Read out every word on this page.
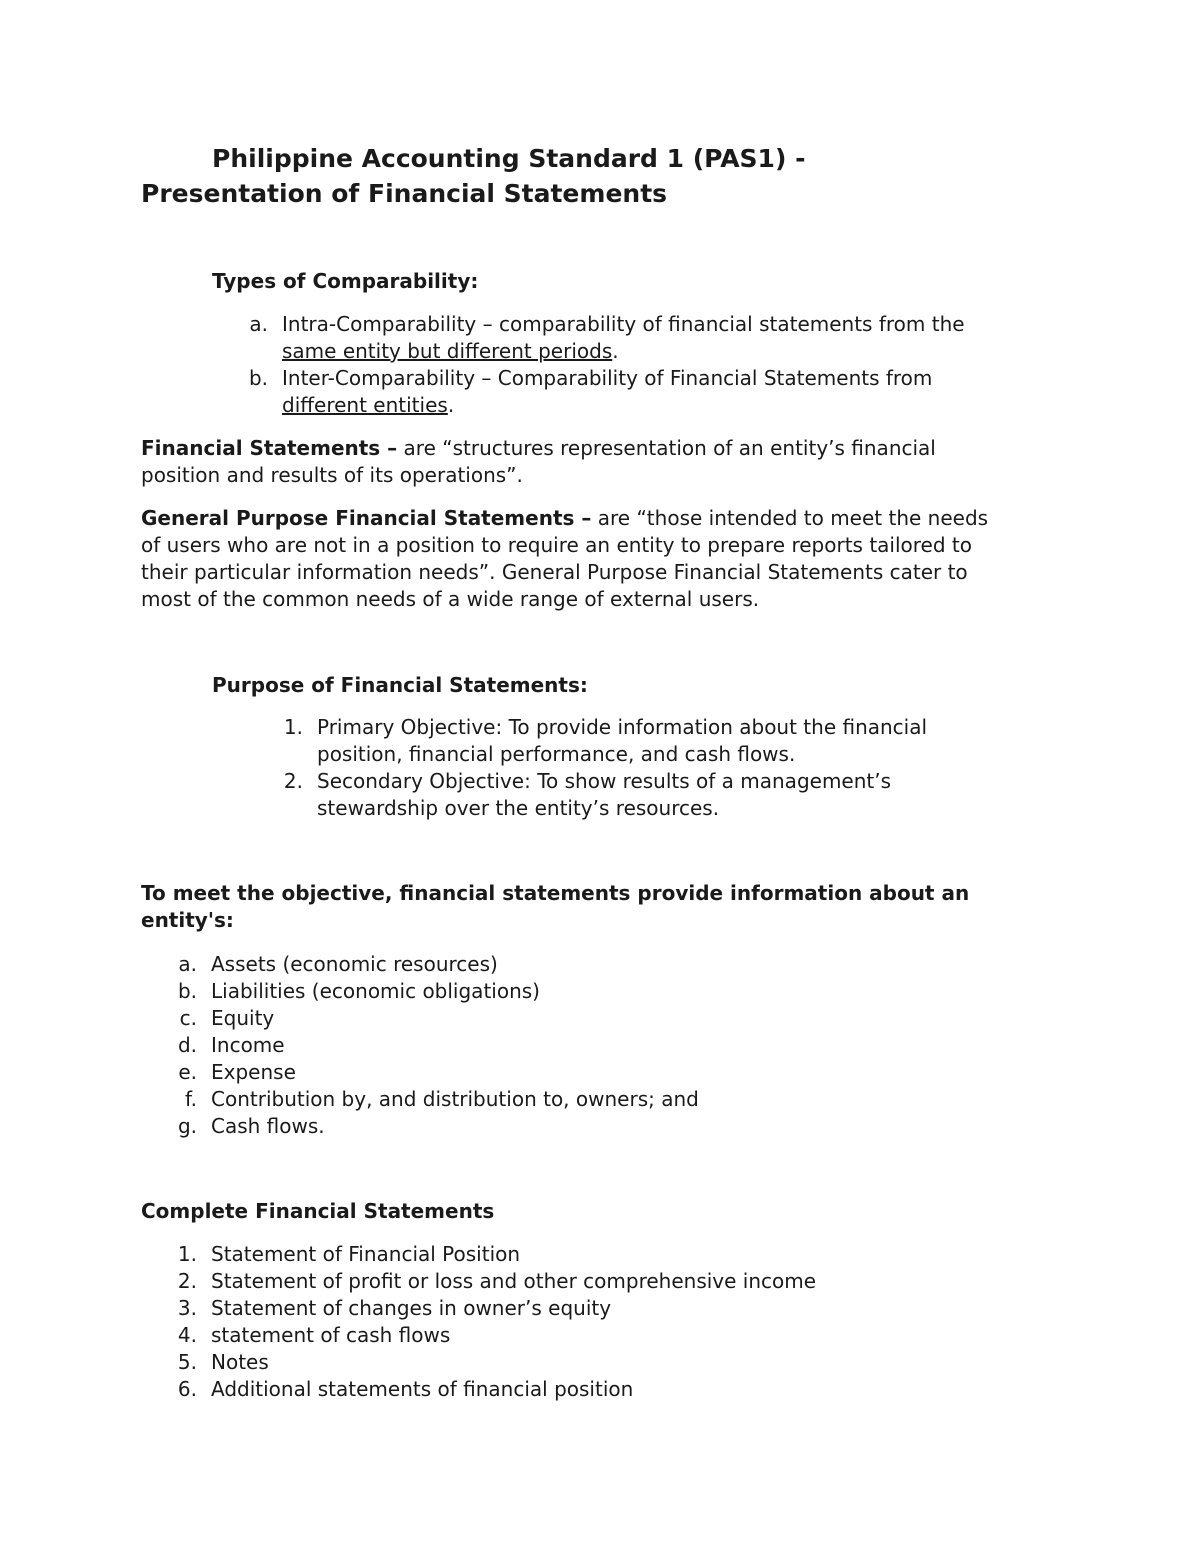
Philippine Accounting Standard 1 (PAS1) -
Presentation of Financial Statements
Types of Comparability:
a. Intra-Comparability – comparability of financial statements from the
same entity but different periods.
b. Inter-Comparability – Comparability of Financial Statements from
different entities.

Financial Statements – are “structures representation of an entity’s financial

position and results of its operations”.

General Purpose Financial Statements – are “those intended to meet the needs

of users who are not in a position to require an entity to prepare reports tailored to

their particular information needs”. General Purpose Financial Statements cater to

most of the common needs of a wide range of external users.

Purpose of Financial Statements:
1. Primary Objective: To provide information about the financial
position, financial performance, and cash flows.
2. Secondary Objective: To show results of a management’s
stewardship over the entity’s resources.

To meet the objective, financial statements provide information about an

entity's:

a. Assets (economic resources)
b. Liabilities (economic obligations)
c. Equity
d. Income
e. Expense
f. Contribution by, and distribution to, owners; and
g. Cash flows.
Complete Financial Statements
1. Statement of Financial Position
2. Statement of profit or loss and other comprehensive income
3. Statement of changes in owner’s equity
4. statement of cash flows
5. Notes
6. Additional statements of financial position
